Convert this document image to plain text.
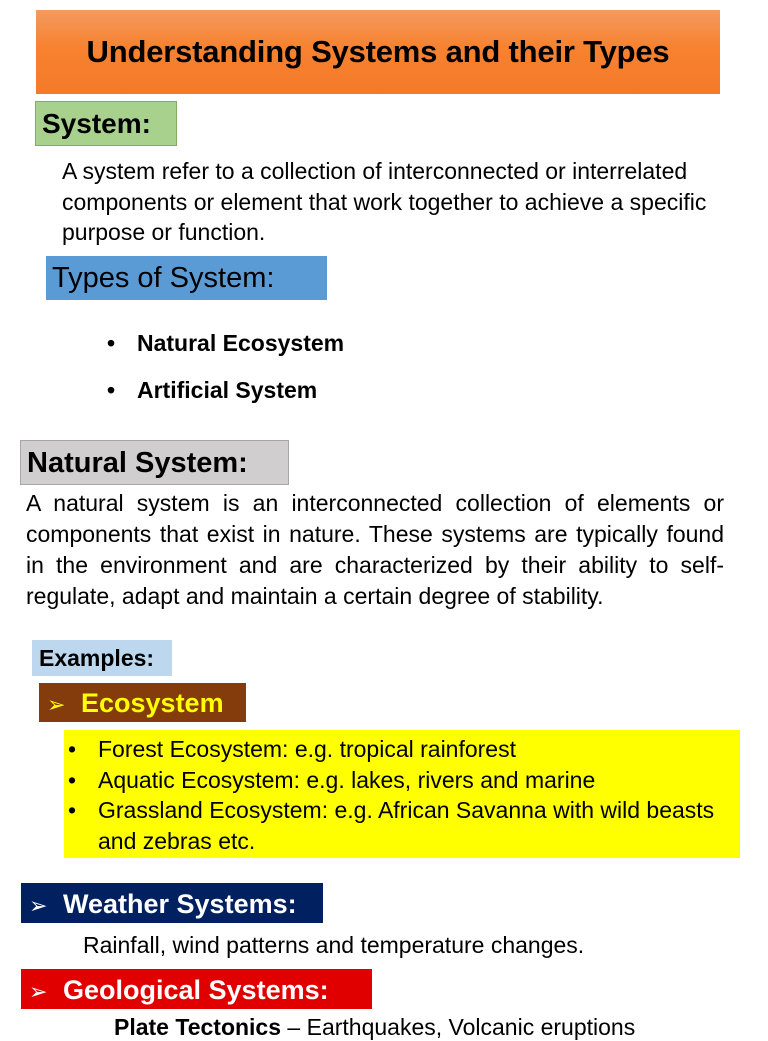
Understanding Systems and their Types
System:
A system refer to a collection of interconnected or interrelated components or element that work together to achieve a specific purpose or function.
Types of System:
• Natural Ecosystem
• Artificial System
Natural System:
A natural system is an interconnected collection of elements or components that exist in nature. These systems are typically found in the environment and are characterized by their ability to self-regulate, adapt and maintain a certain degree of stability.
Examples:
➢ Ecosystem
• Forest Ecosystem: e.g. tropical rainforest
• Aquatic Ecosystem: e.g. lakes, rivers and marine
• Grassland Ecosystem: e.g. African Savanna with wild beasts and zebras etc.
➢ Weather Systems:
Rainfall, wind patterns and temperature changes.
➢ Geological Systems:
Plate Tectonics – Earthquakes, Volcanic eruptions
